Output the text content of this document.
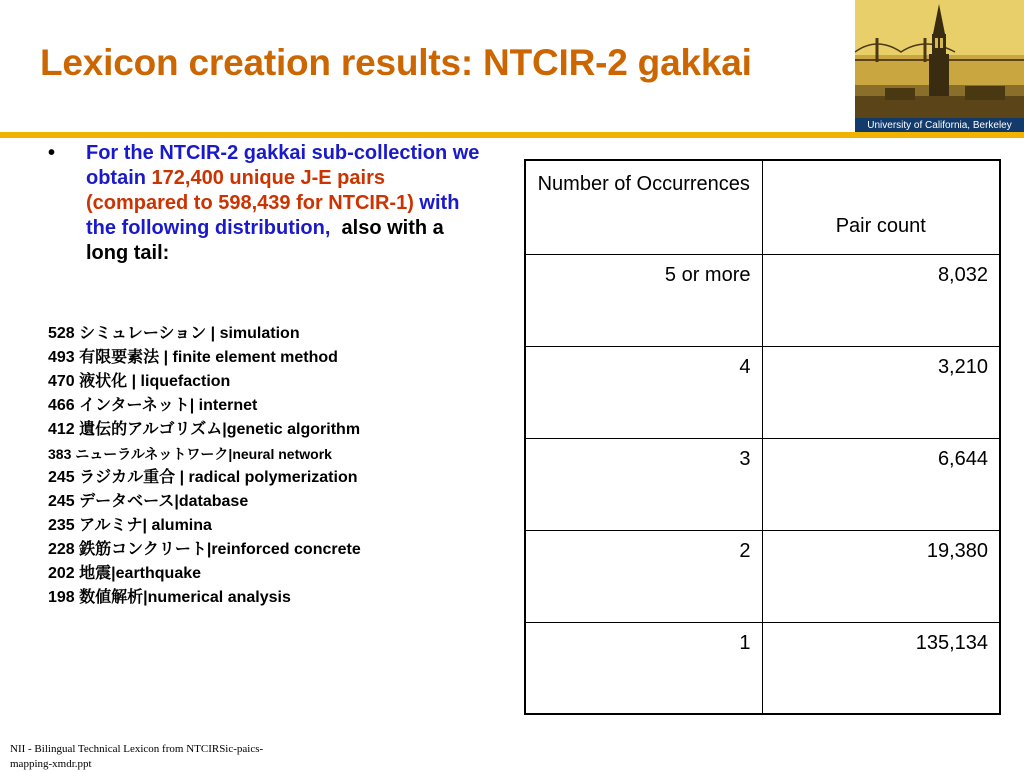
Lexicon creation results: NTCIR-2 gakkai
University of California, Berkeley
• For the NTCIR-2 gakkai sub-collection we obtain 172,400 unique J-E pairs (compared to 598,439 for NTCIR-1) with the following distribution,  also with a long tail:
528 シミュレーション | simulation
493 有限要素法 | finite element method
470 液状化 | liquefaction
466 インターネット| internet
412 遺伝的アルゴリズム|genetic algorithm
383 ニューラルネットワーク|neural network
245 ラジカル重合 | radical polymerization
245 データベース|database
235 アルミナ| alumina
228 鉄筋コンクリート|reinforced concrete
202 地震|earthquake
198 数値解析|numerical analysis
Number of Occurrences	Pair count
5 or more	8,032
4	3,210
3	6,644
2	19,380
1	135,134
NII - Bilingual Technical Lexicon from NTCIRSic-paics-mapping-xmdr.ppt
